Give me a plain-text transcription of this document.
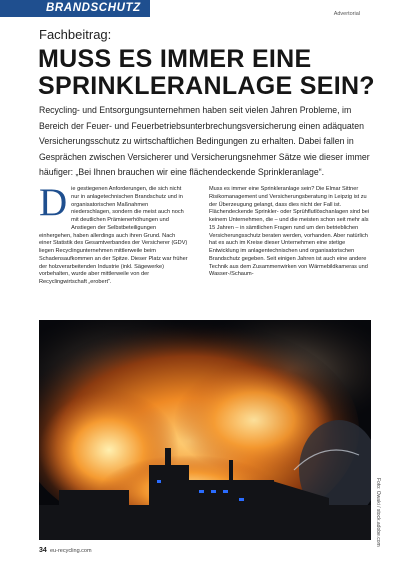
BRANDSCHUTZ	Advertorial
Fachbeitrag:
MUSS ES IMMER EINE SPRINKLERANLAGE SEIN?

Recycling- und Entsorgungsunternehmen haben seit vielen Jahren Probleme, im Bereich der Feuer- und Feuerbetriebsunterbrechungsversicherung einen adäquaten Versicherungsschutz zu wirtschaftlichen Bedingungen zu erhalten. Dabei fallen in Gesprächen zwischen Versicherer und Versicherungsnehmer Sätze wie dieser immer häufiger: „Bei Ihnen brauchen wir eine flächendeckende Sprinkleranlage“.

D ie gestiegenen Anforderungen, die sich nicht nur in anlagetechnischen Brandschutz und in organisatorischen Maßnahmen niederschlagen, sondern die meist auch noch mit deutlichen Prämienerhöhungen und Anstiegen der Selbstbeteiligungen einhergehen, haben allerdings auch ihren Grund. Nach einer Statistik des Gesamtverbandes der Versicherer (GDV) liegen Recyclingunternehmen mittlerweile beim Schadensaufkommen an der Spitze. Dieser Platz war früher der holzverarbeitenden Industrie (inkl. Sägewerke) vorbehalten, wurde aber mittlerweile von der Recyclingwirtschaft „erobert“.
Muss es immer eine Sprinkleranlage sein? Die Elmar Sittner Risikomanagement und Versicherungsberatung in Leipzig ist zu der Überzeugung gelangt, dass dies nicht der Fall ist. Flächendeckende Sprinkler- oder Sprühflutlöschanlagen sind bei keinem Unternehmen, die – und die meisten schon seit mehr als 15 Jahren – in sämtlichen Fragen rund um den betrieblichen Versicherungsschutz beraten werden, vorhanden. Aber natürlich hat es auch im Kreise dieser Unternehmen eine stetige Entwicklung im anlagentechnischen und organisatorischen Brandschutz gegeben. Seit einigen Jahren ist auch eine andere Technik aus dem Zusammenwirken von Wärmebildkameras und Wasser-/Schaum-
Foto: Owaki / stock.adobe.com
34 eu-recycling.com
